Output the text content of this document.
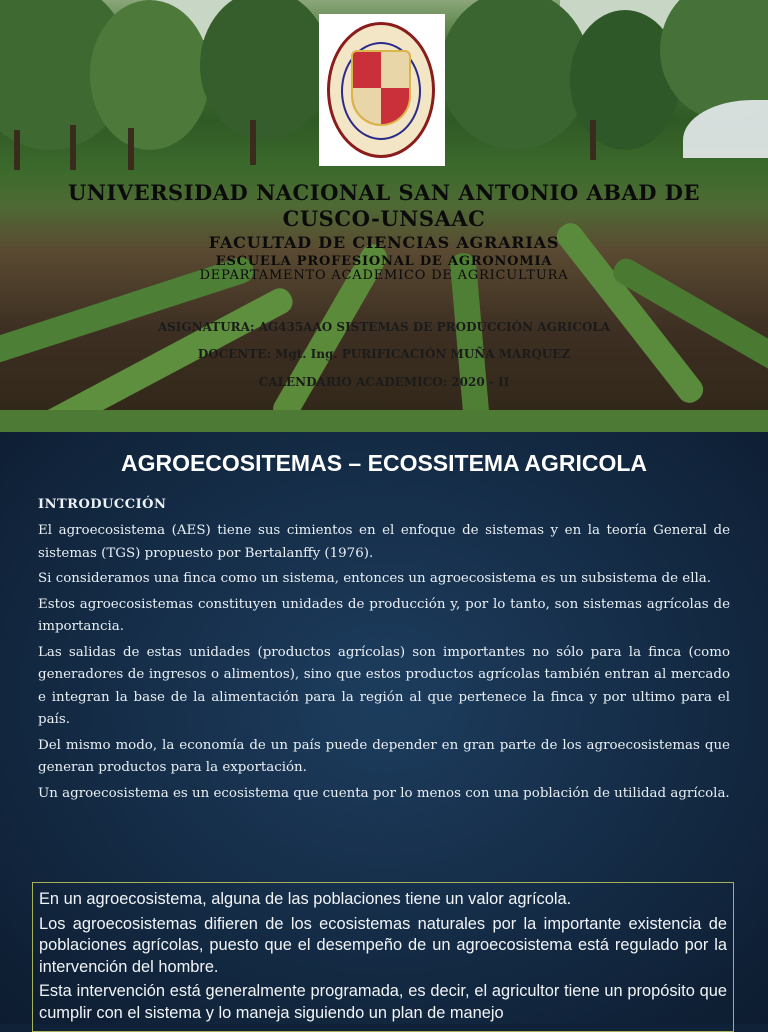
UNIVERSIDAD NACIONAL SAN ANTONIO ABAD DE CUSCO-UNSAAC
FACULTAD DE CIENCIAS AGRARIAS
ESCUELA PROFESIONAL DE AGRONOMIA
DEPARTAMENTO ACADEMICO DE AGRICULTURA
ASIGNATURA: AG435AAO SISTEMAS DE PRODUCCIÓN AGRICOLA
DOCENTE: Mgt. Ing. PURIFICACIÓN MUÑA MARQUEZ
CALENDARIO ACADEMICO: 2020 - II
AGROECOSITEMAS – ECOSSITEMA AGRICOLA
INTRODUCCIÓN

El agroecosistema (AES) tiene sus cimientos en el enfoque de sistemas y en la teoría General de sistemas (TGS) propuesto por Bertalanffy (1976).

Si consideramos una finca como un sistema, entonces un agroecosistema es un subsistema de ella.

Estos agroecosistemas constituyen unidades de producción y, por lo tanto, son sistemas agrícolas de importancia.

Las salidas de estas unidades (productos agrícolas) son importantes no sólo para la finca (como generadores de ingresos o alimentos), sino que estos productos agrícolas también entran al mercado e integran la base de la alimentación para la región al que pertenece la finca y por ultimo para el país.

Del mismo modo, la economía de un país puede depender en gran parte de los agroecosistemas que generan productos para la exportación.

Un agroecosistema es un ecosistema que cuenta por lo menos con una población de utilidad agrícola.

En un agroecosistema, alguna de las poblaciones tiene un valor agrícola.

Los agroecosistemas difieren de los ecosistemas naturales por la importante existencia de poblaciones agrícolas, puesto que el desempeño de un agroecosistema está regulado por la intervención del hombre.

Esta intervención está generalmente programada, es decir, el agricultor tiene un propósito que cumplir con el sistema y lo maneja siguiendo un plan de manejo
